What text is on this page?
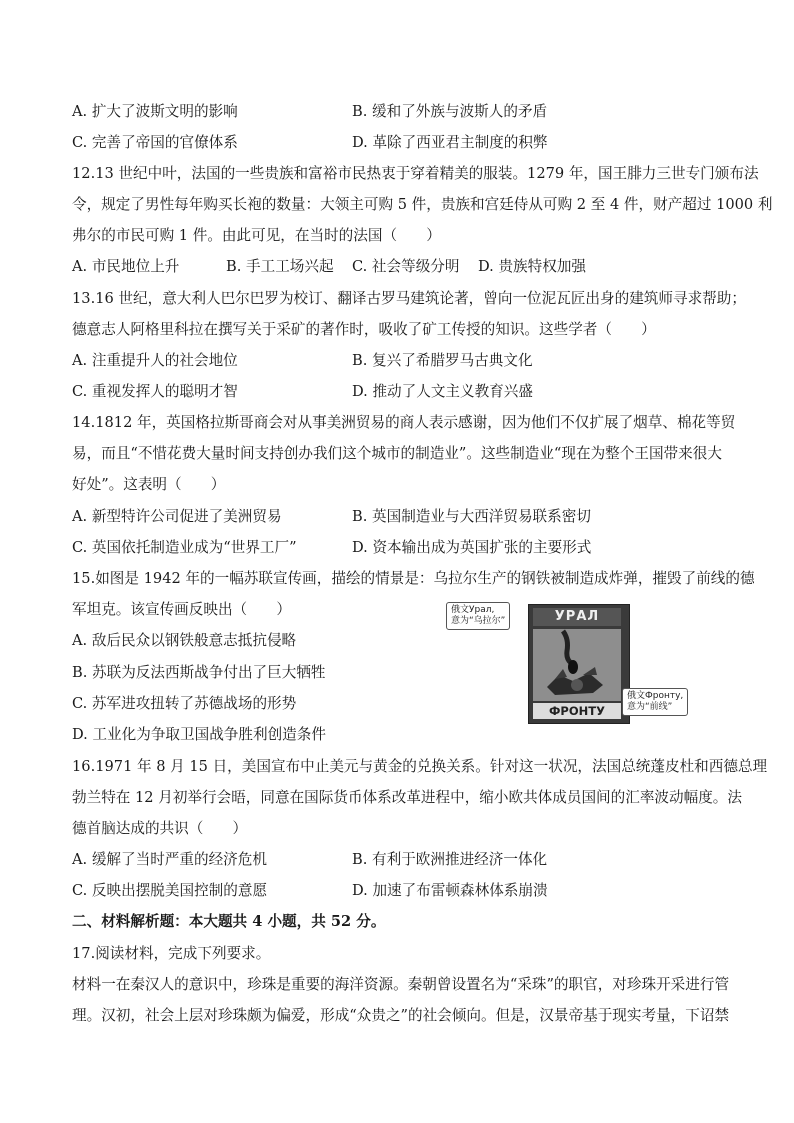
A. 扩大了波斯文明的影响	B. 缓和了外族与波斯人的矛盾
C. 完善了帝国的官僚体系	D. 革除了西亚君主制度的积弊
12.13 世纪中叶，法国的一些贵族和富裕市民热衷于穿着精美的服装。1279 年，国王腓力三世专门颁布法
令，规定了男性每年购买长袍的数量：大领主可购 5 件，贵族和宫廷侍从可购 2 至 4 件，财产超过 1000 利
弗尔的市民可购 1 件。由此可见，在当时的法国（　　）
A. 市民地位上升	B. 手工工场兴起 C. 社会等级分明 D. 贵族特权加强
13.16 世纪，意大利人巴尔巴罗为校订、翻译古罗马建筑论著，曾向一位泥瓦匠出身的建筑师寻求帮助；
德意志人阿格里科拉在撰写关于采矿的著作时，吸收了矿工传授的知识。这些学者（　　）
A. 注重提升人的社会地位	B. 复兴了希腊罗马古典文化
C. 重视发挥人的聪明才智	D. 推动了人文主义教育兴盛
14.1812 年，英国格拉斯哥商会对从事美洲贸易的商人表示感谢，因为他们不仅扩展了烟草、棉花等贸
易，而且“不惜花费大量时间支持创办我们这个城市的制造业”。这些制造业“现在为整个王国带来很大
好处”。这表明（　　）
A. 新型特许公司促进了美洲贸易	B. 英国制造业与大西洋贸易联系密切
C. 英国依托制造业成为“世界工厂”	D. 资本输出成为英国扩张的主要形式
15.如图是 1942 年的一幅苏联宣传画，描绘的情景是：乌拉尔生产的钢铁被制造成炸弹，摧毁了前线的德
军坦克。该宣传画反映出（　　）
A. 敌后民众以钢铁般意志抵抗侵略
B. 苏联为反法西斯战争付出了巨大牺牲
C. 苏军进攻扭转了苏德战场的形势
D. 工业化为争取卫国战争胜利创造条件
УРАЛ
ФРОНТУ
俄文Урал,
意为“乌拉尔”
俄文Фронту,
意为“前线”
16.1971 年 8 月 15 日，美国宣布中止美元与黄金的兑换关系。针对这一状况，法国总统蓬皮杜和西德总理
勃兰特在 12 月初举行会晤，同意在国际货币体系改革进程中，缩小欧共体成员国间的汇率波动幅度。法
德首脑达成的共识（　　）
A. 缓解了当时严重的经济危机	B. 有利于欧洲推进经济一体化
C. 反映出摆脱美国控制的意愿	D. 加速了布雷顿森林体系崩溃
二、材料解析题：本大题共 4 小题，共 52 分。
17.阅读材料，完成下列要求。
材料一在秦汉人的意识中，珍珠是重要的海洋资源。秦朝曾设置名为“采珠”的职官，对珍珠开采进行管
理。汉初，社会上层对珍珠颇为偏爱，形成“众贵之”的社会倾向。但是，汉景帝基于现实考量，下诏禁
